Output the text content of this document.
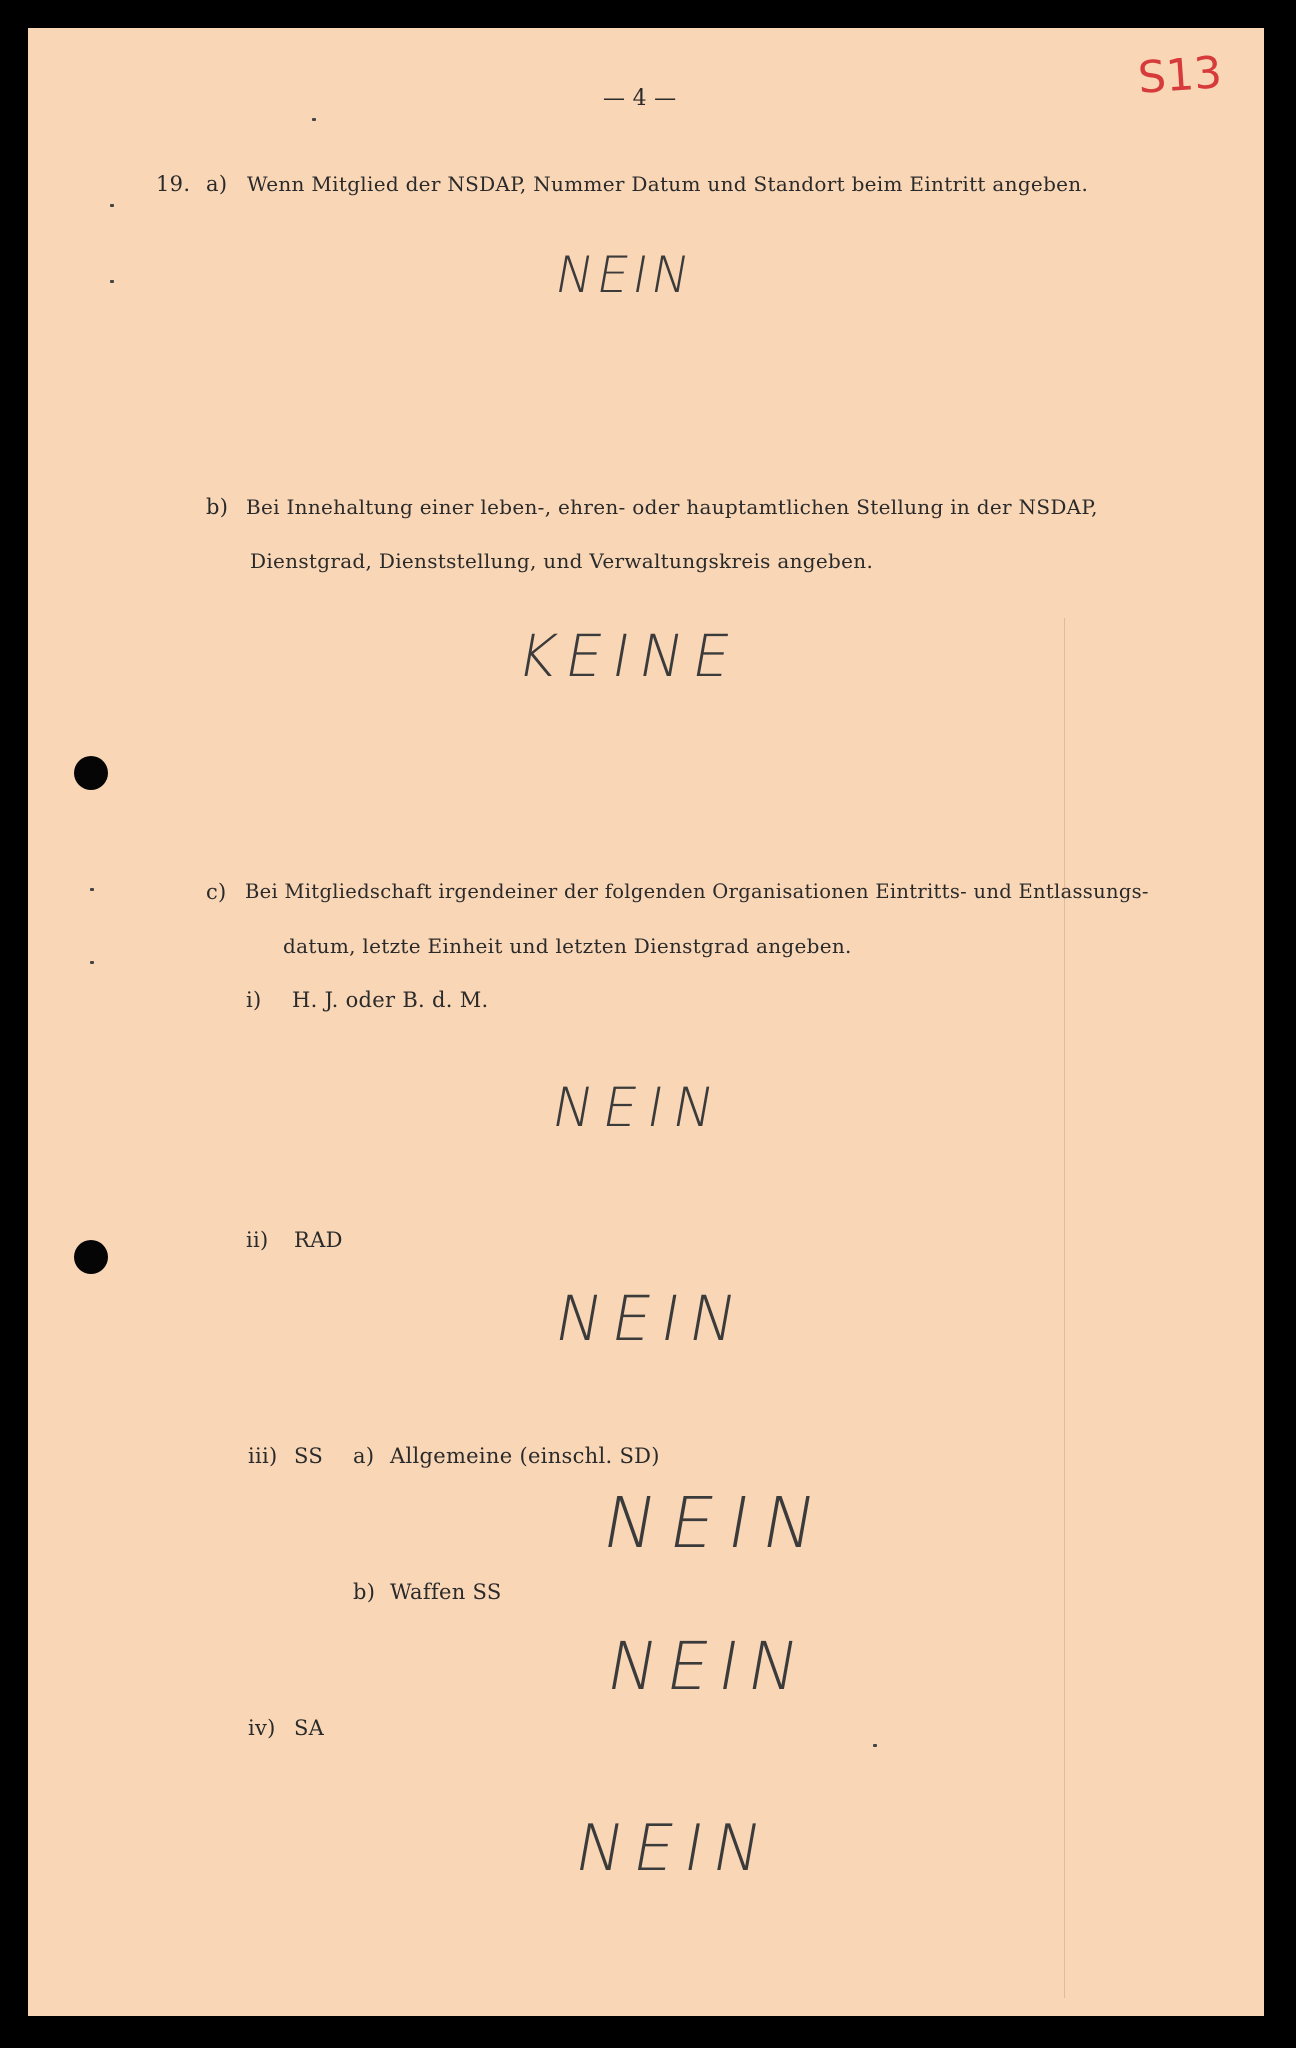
— 4 —	S13
19. a) Wenn Mitglied der NSDAP, Nummer Datum und Standort beim Eintritt angeben.
NEIN
b) Bei Innehaltung einer leben-, ehren- oder hauptamtlichen Stellung in der NSDAP,
Dienstgrad, Dienststellung, und Verwaltungskreis angeben.
KEINE
c) Bei Mitgliedschaft irgendeiner der folgenden Organisationen Eintritts- und Entlassungs-
datum, letzte Einheit und letzten Dienstgrad angeben.
i) H. J. oder B. d. M.
NEIN
ii) RAD
NEIN
iii) SS a) Allgemeine (einschl. SD)
NEIN
b) Waffen SS
NEIN
iv) SA
NEIN
